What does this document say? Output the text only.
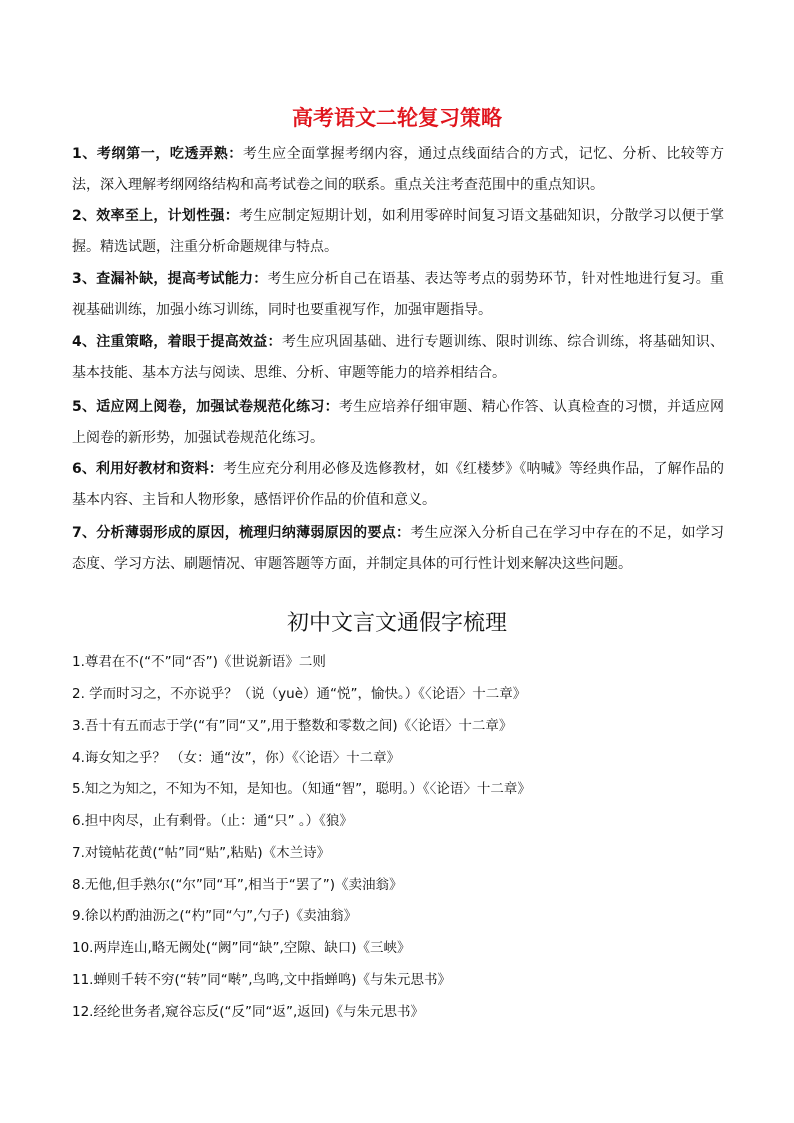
高考语文二轮复习策略

1、考纲第一，吃透弄熟：考生应全面掌握考纲内容，通过点线面结合的方式，记忆、分析、比较等方法，深入理解考纲网络结构和高考试卷之间的联系。重点关注考查范围中的重点知识。

2、效率至上，计划性强：考生应制定短期计划，如利用零碎时间复习语文基础知识，分散学习以便于掌握。精选试题，注重分析命题规律与特点。

3、查漏补缺，提高考试能力：考生应分析自己在语基、表达等考点的弱势环节，针对性地进行复习。重视基础训练，加强小练习训练，同时也要重视写作，加强审题指导。

4、注重策略，着眼于提高效益：考生应巩固基础、进行专题训练、限时训练、综合训练，将基础知识、基本技能、基本方法与阅读、思维、分析、审题等能力的培养相结合。

5、适应网上阅卷，加强试卷规范化练习：考生应培养仔细审题、精心作答、认真检查的习惯，并适应网上阅卷的新形势，加强试卷规范化练习。

6、利用好教材和资料：考生应充分利用必修及选修教材，如《红楼梦》《呐喊》等经典作品，了解作品的基本内容、主旨和人物形象，感悟评价作品的价值和意义。

7、分析薄弱形成的原因，梳理归纳薄弱原因的要点：考生应深入分析自己在学习中存在的不足，如学习态度、学习方法、刷题情况、审题答题等方面，并制定具体的可行性计划来解决这些问题。

初中文言文通假字梳理
1.尊君在不(“不”同“否”)《世说新语》二则
2. 学而时习之，不亦说乎？（说（yuè）通“悦”，愉快。）《〈论语〉十二章》
3.吾十有五而志于学(“有”同“又”,用于整数和零数之间)《〈论语〉十二章》
4.诲女知之乎？ （女：通“汝”，你）《〈论语〉十二章》
5.知之为知之，不知为不知，是知也。（知通“智”，聪明。）《〈论语〉十二章》
6.担中肉尽，止有剩骨。（止：通“只” 。）《狼》
7.对镜帖花黄(“帖”同“贴”,粘贴)《木兰诗》
8.无他,但手熟尔(“尔”同“耳”,相当于“罢了”)《卖油翁》
9.徐以杓酌油沥之(“杓”同“勺”,勺子)《卖油翁》
10.两岸连山,略无阙处(“阙”同“缺”,空隙、缺口)《三峡》
11.蝉则千转不穷(“转”同“啭”,鸟鸣,文中指蝉鸣)《与朱元思书》
12.经纶世务者,窥谷忘反(“反”同“返”,返回)《与朱元思书》
